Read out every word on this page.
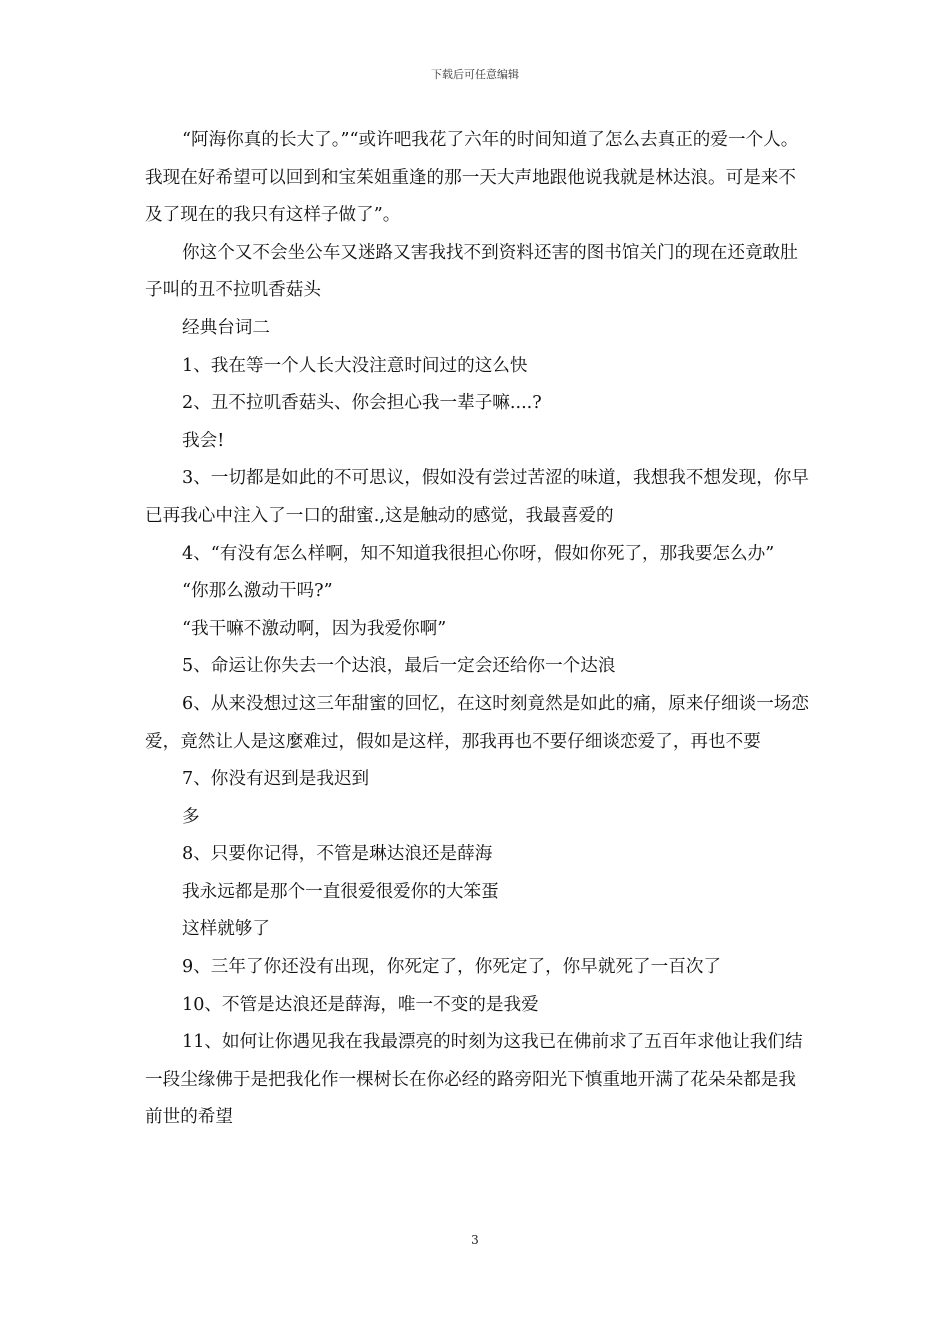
下载后可任意编辑

“阿海你真的长大了。”“或许吧我花了六年的时间知道了怎么去真正的爱一个人。我现在好希望可以回到和宝茱姐重逢的那一天大声地跟他说我就是林达浪。可是来不及了现在的我只有这样子做了”。

你这个又不会坐公车又迷路又害我找不到资料还害的图书馆关门的现在还竟敢肚子叫的丑不拉叽香菇头

经典台词二

1、我在等一个人长大没注意时间过的这么快

2、丑不拉叽香菇头、你会担心我一辈子嘛....?

我会!

3、一切都是如此的不可思议，假如没有尝过苦涩的味道，我想我不想发现，你早已再我心中注入了一口的甜蜜.,这是触动的感觉，我最喜爱的

4、“有没有怎么样啊，知不知道我很担心你呀，假如你死了，那我要怎么办”

“你那么激动干吗?”

“我干嘛不激动啊，因为我爱你啊”

5、命运让你失去一个达浪，最后一定会还给你一个达浪

6、从来没想过这三年甜蜜的回忆，在这时刻竟然是如此的痛，原来仔细谈一场恋爱，竟然让人是这麼难过，假如是这样，那我再也不要仔细谈恋爱了，再也不要

7、你没有迟到是我迟到

多

8、只要你记得，不管是琳达浪还是薛海

我永远都是那个一直很爱很爱你的大笨蛋

这样就够了

9、三年了你还没有出现，你死定了，你死定了，你早就死了一百次了

10、不管是达浪还是薛海，唯一不变的是我爱

11、如何让你遇见我在我最漂亮的时刻为这我已在佛前求了五百年求他让我们结一段尘缘佛于是把我化作一棵树长在你必经的路旁阳光下慎重地开满了花朵朵都是我前世的希望

3
